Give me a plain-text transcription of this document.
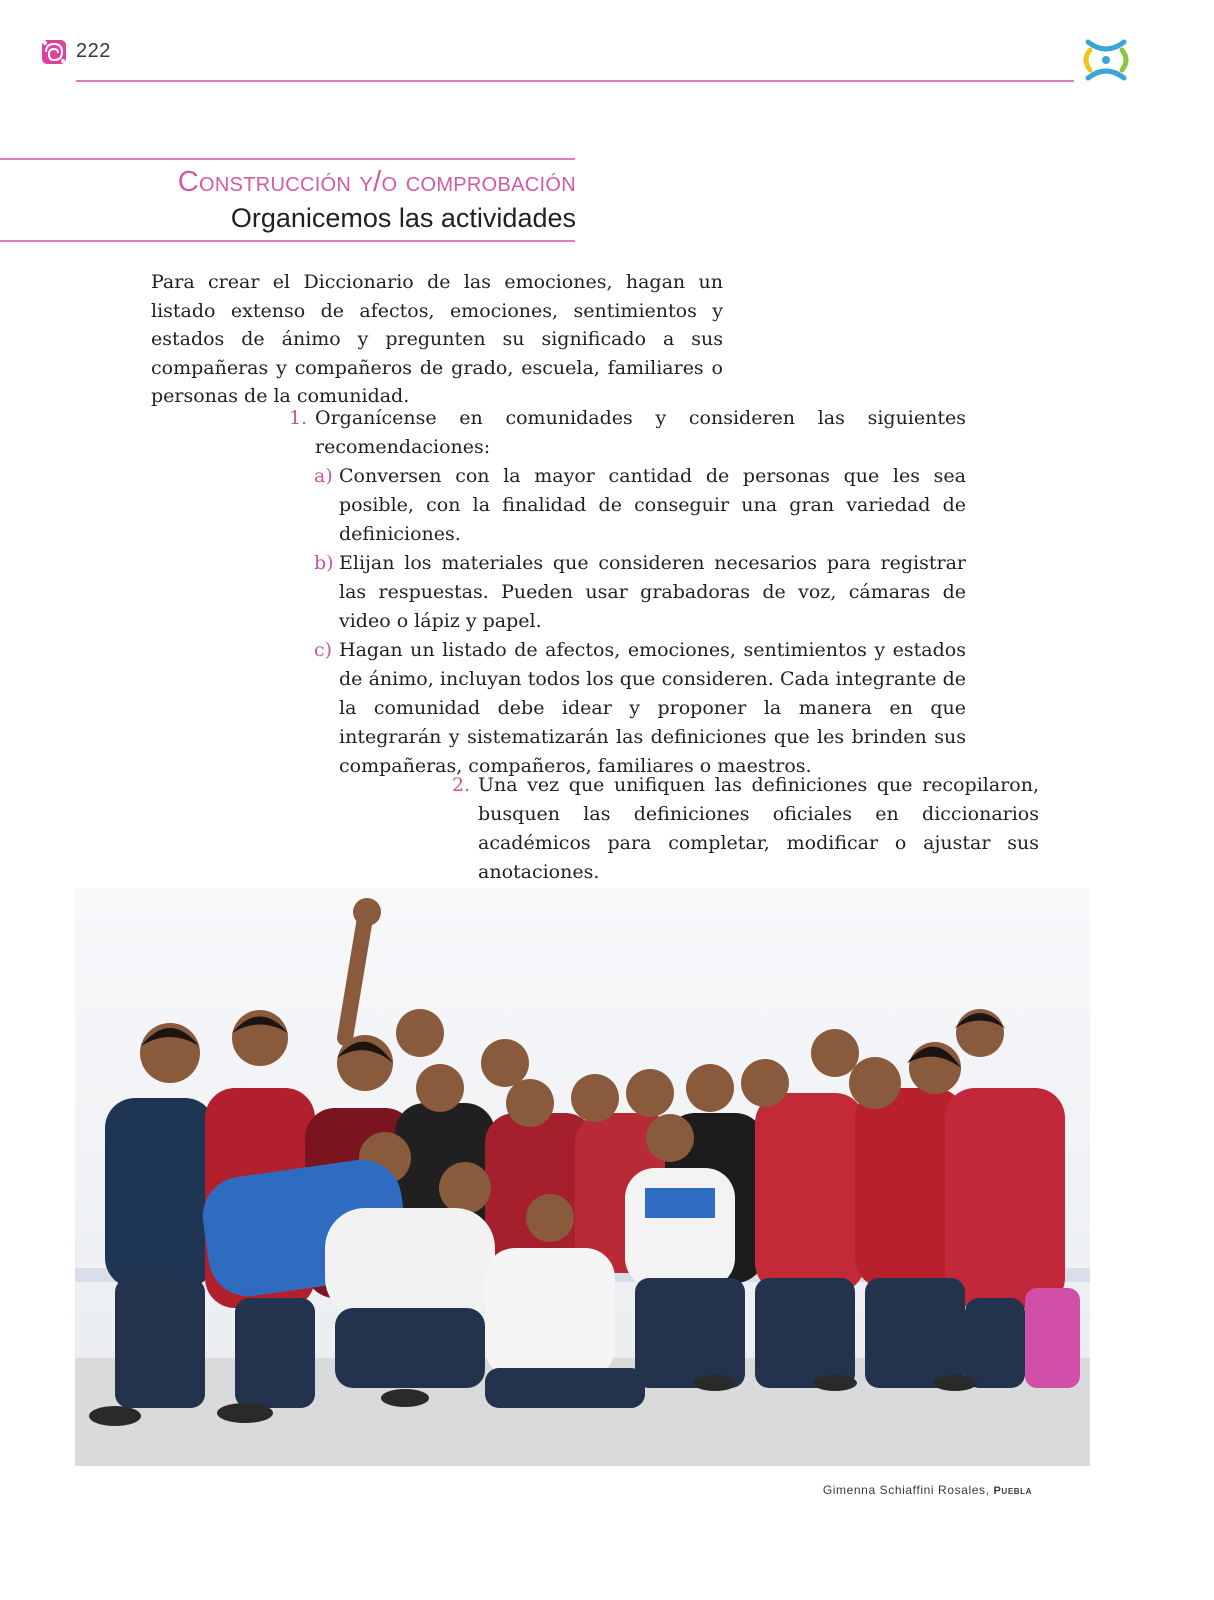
222
Construcción y/o comprobación
Organicemos las actividades

Para crear el Diccionario de las emociones, hagan un listado extenso de afectos, emociones, sentimientos y estados de ánimo y pregunten su significado a sus compañeras y compañeros de grado, escuela, familiares o personas de la comunidad.

1. Organícense en comunidades y consideren las siguientes recomendaciones:
a) Conversen con la mayor cantidad de personas que les sea posible, con la finalidad de conseguir una gran variedad de definiciones.
b) Elijan los materiales que consideren necesarios para registrar las respuestas. Pueden usar grabadoras de voz, cámaras de video o lápiz y papel.
c) Hagan un listado de afectos, emociones, sentimientos y estados de ánimo, incluyan todos los que consideren. Cada integrante de la comunidad debe idear y proponer la manera en que integrarán y sistematizarán las definiciones que les brinden sus compañeras, compañeros, familiares o maestros.
2. Una vez que unifiquen las definiciones que recopilaron, busquen las definiciones oficiales en diccionarios académicos para completar, modificar o ajustar sus anotaciones.
Gimenna Schiaffini Rosales, Puebla
